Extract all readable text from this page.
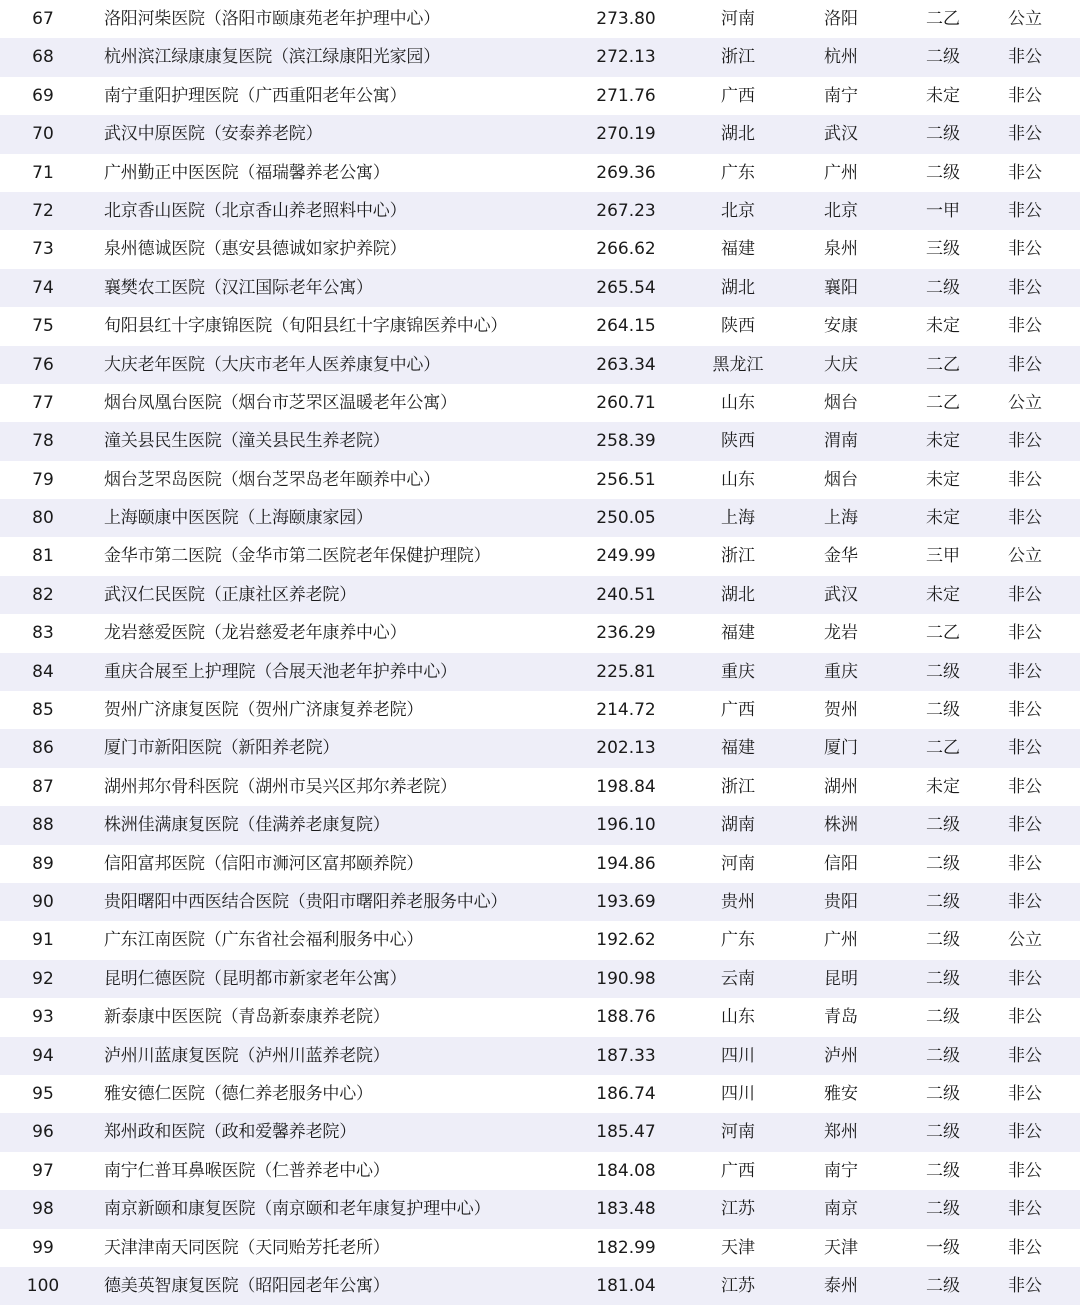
67	洛阳河柴医院（洛阳市颐康苑老年护理中心）	273.80	河南	洛阳	二乙	公立
68	杭州滨江绿康康复医院（滨江绿康阳光家园）	272.13	浙江	杭州	二级	非公
69	南宁重阳护理医院（广西重阳老年公寓）	271.76	广西	南宁	未定	非公
70	武汉中原医院（安泰养老院）	270.19	湖北	武汉	二级	非公
71	广州勤正中医医院（福瑞馨养老公寓）	269.36	广东	广州	二级	非公
72	北京香山医院（北京香山养老照料中心）	267.23	北京	北京	一甲	非公
73	泉州德诚医院（惠安县德诚如家护养院）	266.62	福建	泉州	三级	非公
74	襄樊农工医院（汉江国际老年公寓）	265.54	湖北	襄阳	二级	非公
75	旬阳县红十字康锦医院（旬阳县红十字康锦医养中心）	264.15	陕西	安康	未定	非公
76	大庆老年医院（大庆市老年人医养康复中心）	263.34	黑龙江	大庆	二乙	非公
77	烟台凤凰台医院（烟台市芝罘区温暖老年公寓）	260.71	山东	烟台	二乙	公立
78	潼关县民生医院（潼关县民生养老院）	258.39	陕西	渭南	未定	非公
79	烟台芝罘岛医院（烟台芝罘岛老年颐养中心）	256.51	山东	烟台	未定	非公
80	上海颐康中医医院（上海颐康家园）	250.05	上海	上海	未定	非公
81	金华市第二医院（金华市第二医院老年保健护理院）	249.99	浙江	金华	三甲	公立
82	武汉仁民医院（正康社区养老院）	240.51	湖北	武汉	未定	非公
83	龙岩慈爱医院（龙岩慈爱老年康养中心）	236.29	福建	龙岩	二乙	非公
84	重庆合展至上护理院（合展天池老年护养中心）	225.81	重庆	重庆	二级	非公
85	贺州广济康复医院（贺州广济康复养老院）	214.72	广西	贺州	二级	非公
86	厦门市新阳医院（新阳养老院）	202.13	福建	厦门	二乙	非公
87	湖州邦尔骨科医院（湖州市吴兴区邦尔养老院）	198.84	浙江	湖州	未定	非公
88	株洲佳满康复医院（佳满养老康复院）	196.10	湖南	株洲	二级	非公
89	信阳富邦医院（信阳市浉河区富邦颐养院）	194.86	河南	信阳	二级	非公
90	贵阳曙阳中西医结合医院（贵阳市曙阳养老服务中心）	193.69	贵州	贵阳	二级	非公
91	广东江南医院（广东省社会福利服务中心）	192.62	广东	广州	二级	公立
92	昆明仁德医院（昆明都市新家老年公寓）	190.98	云南	昆明	二级	非公
93	新泰康中医医院（青岛新泰康养老院）	188.76	山东	青岛	二级	非公
94	泸州川蓝康复医院（泸州川蓝养老院）	187.33	四川	泸州	二级	非公
95	雅安德仁医院（德仁养老服务中心）	186.74	四川	雅安	二级	非公
96	郑州政和医院（政和爱馨养老院）	185.47	河南	郑州	二级	非公
97	南宁仁普耳鼻喉医院（仁普养老中心）	184.08	广西	南宁	二级	非公
98	南京新颐和康复医院（南京颐和老年康复护理中心）	183.48	江苏	南京	二级	非公
99	天津津南天同医院（天同贻芳托老所）	182.99	天津	天津	一级	非公
100	德美英智康复医院（昭阳园老年公寓）	181.04	江苏	泰州	二级	非公
